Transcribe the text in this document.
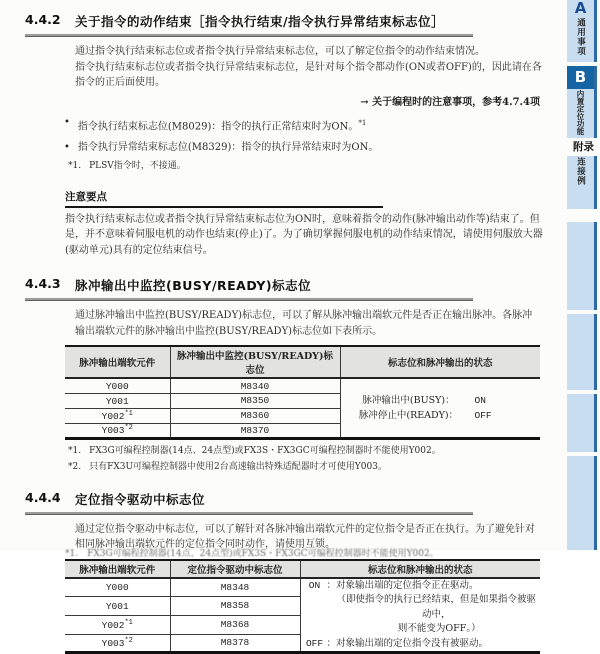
4.4.2	关于指令的动作结束［指令执行结束/指令执行异常结束标志位］
通过指令执行结束标志位或者指令执行异常结束标志位，可以了解定位指令的动作结束情况。
指令执行结束标志位或者指令执行异常结束标志位，是针对每个指令都动作(ON或者OFF)的，因此请在各指令的正后面使用。
→ 关于编程时的注意事项，参考4.7.4项
• 指令执行结束标志位(M8029)：指令的执行正常结束时为ON。$^{*1}$
• 指令执行异常结束标志位(M8329)：指令的执行异常结束时为ON。
*1. PLSV指令时，不接通。
注意要点
指令执行结束标志位或者指令执行异常结束标志位为ON时，意味着指令的动作(脉冲输出动作等)结束了。但是，并不意味着伺服电机的动作也结束(停止)了。为了确切掌握伺服电机的动作结束情况，请使用伺服放大器(驱动单元)具有的定位结束信号。
4.4.3	脉冲输出中监控(BUSY/READY)标志位
通过脉冲输出中监控(BUSY/READY)标志位，可以了解从脉冲输出端软元件是否正在输出脉冲。各脉冲输出端软元件的脉冲输出中监控(BUSY/READY)标志位如下表所示。
脉冲输出端软元件	脉冲输出中监控(BUSY/READY)标志位	标志位和脉冲输出的状态
Y000	M8340	脉冲输出中(BUSY)： ON
脉冲停止中(READY)： OFF

Y001	M8350	
Y002$^{*1}$	M8360	
Y003$^{*2}$	M8370	
*1. FX3G可编程控制器(14点、24点型)或FX3S・FX3GC可编程控制器时不能使用Y002。
*2. 只有FX3U可编程控制器中使用2台高速输出特殊适配器时才可使用Y003。
4.4.4	定位指令驱动中标志位
通过定位指令驱动中标志位，可以了解针对各脉冲输出端软元件的定位指令是否正在执行。为了避免针对相同脉冲输出端软元件的定位指令同时动作，请使用互锁。
脉冲输出端软元件	定位指令驱动中标志位	标志位和脉冲输出的状态
Y000	M8348	ON ： 对象输出端的定位指令正在驱动。
（即使指令的执行已经结束，但是如果指令被驱动中，
则不能变为OFF。）
OFF ： 对象输出端的定位指令没有被驱动。

Y001	M8358	
Y002$^{*1}$	M8368	
Y003$^{*2}$	M8378	
*1.　FX3G可编程控制器(14点、24点型)或FX3S・FX3GC可编程控制器时不能使用Y002。
A
通用事项
B
内置定位功能
附录
连接例
